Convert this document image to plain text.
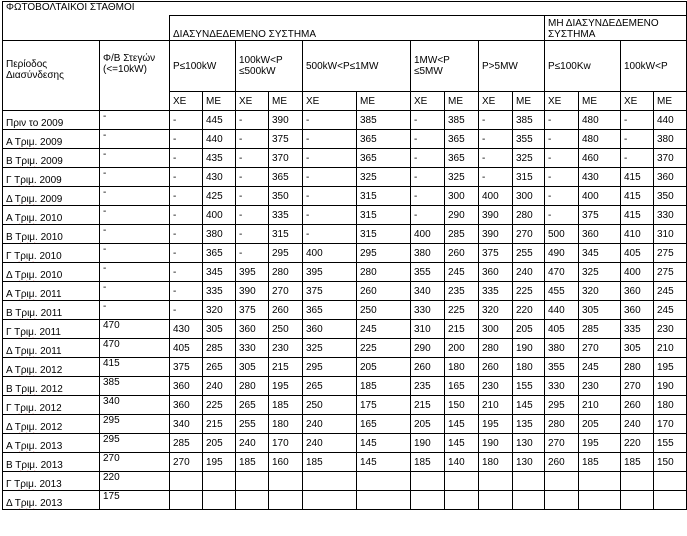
ΦΩΤΟΒΟΛΤΑΙΚΟΙ ΣΤΑΘΜΟΙ															
		ΔΙΑΣΥΝΔΕΔΕΜΕΝΟ ΣΥΣΤΗΜΑ										ΜΗ ΔΙΑΣΥΝΔΕΔΕΜΕΝΟ ΣΥΣΤΗΜΑ			
Περίοδος Διασύνδεσης	Φ/Β Στεγών (<=10kW)	P≤100kW		100kW<P ≤500kW		500kW<P≤1MW		1MW<P ≤5MW		P>5MW		P≤100Kw		100kW<P	
		ΧΕ	ΜΕ	ΧΕ	ΜΕ	ΧΕ	ΜΕ	ΧΕ	ΜΕ	ΧΕ	ΜΕ	ΧΕ	ΜΕ	ΧΕ	ΜΕ
Πριν το 2009	-	-	445	-	390	-	385	-	385	-	385	-	480	-	440
Α Τριμ. 2009	-	-	440	-	375	-	365	-	365	-	355	-	480	-	380
Β Τριμ. 2009	-	-	435	-	370	-	365	-	365	-	325	-	460	-	370
Γ Τριμ. 2009	-	-	430	-	365	-	325	-	325	-	315	-	430	415	360
Δ Τριμ. 2009	-	-	425	-	350	-	315	-	300	400	300	-	400	415	350
Α Τριμ. 2010	-	-	400	-	335	-	315	-	290	390	280	-	375	415	330
Β Τριμ. 2010	-	-	380	-	315	-	315	400	285	390	270	500	360	410	310
Γ Τριμ. 2010	-	-	365	-	295	400	295	380	260	375	255	490	345	405	275
Δ Τριμ. 2010	-	-	345	395	280	395	280	355	245	360	240	470	325	400	275
Α Τριμ. 2011	-	-	335	390	270	375	260	340	235	335	225	455	320	360	245
Β Τριμ. 2011	-	-	320	375	260	365	250	330	225	320	220	440	305	360	245
Γ Τριμ. 2011	470	430	305	360	250	360	245	310	215	300	205	405	285	335	230
Δ Τριμ. 2011	470	405	285	330	230	325	225	290	200	280	190	380	270	305	210
Α Τριμ. 2012	415	375	265	305	215	295	205	260	180	260	180	355	245	280	195
Β Τριμ. 2012	385	360	240	280	195	265	185	235	165	230	155	330	230	270	190
Γ Τριμ. 2012	340	360	225	265	185	250	175	215	150	210	145	295	210	260	180
Δ Τριμ. 2012	295	340	215	255	180	240	165	205	145	195	135	280	205	240	170
Α Τριμ. 2013	295	285	205	240	170	240	145	190	145	190	130	270	195	220	155
Β Τριμ. 2013	270	270	195	185	160	185	145	185	140	180	130	260	185	185	150
Γ Τριμ. 2013	220														
Δ Τριμ. 2013	175														
